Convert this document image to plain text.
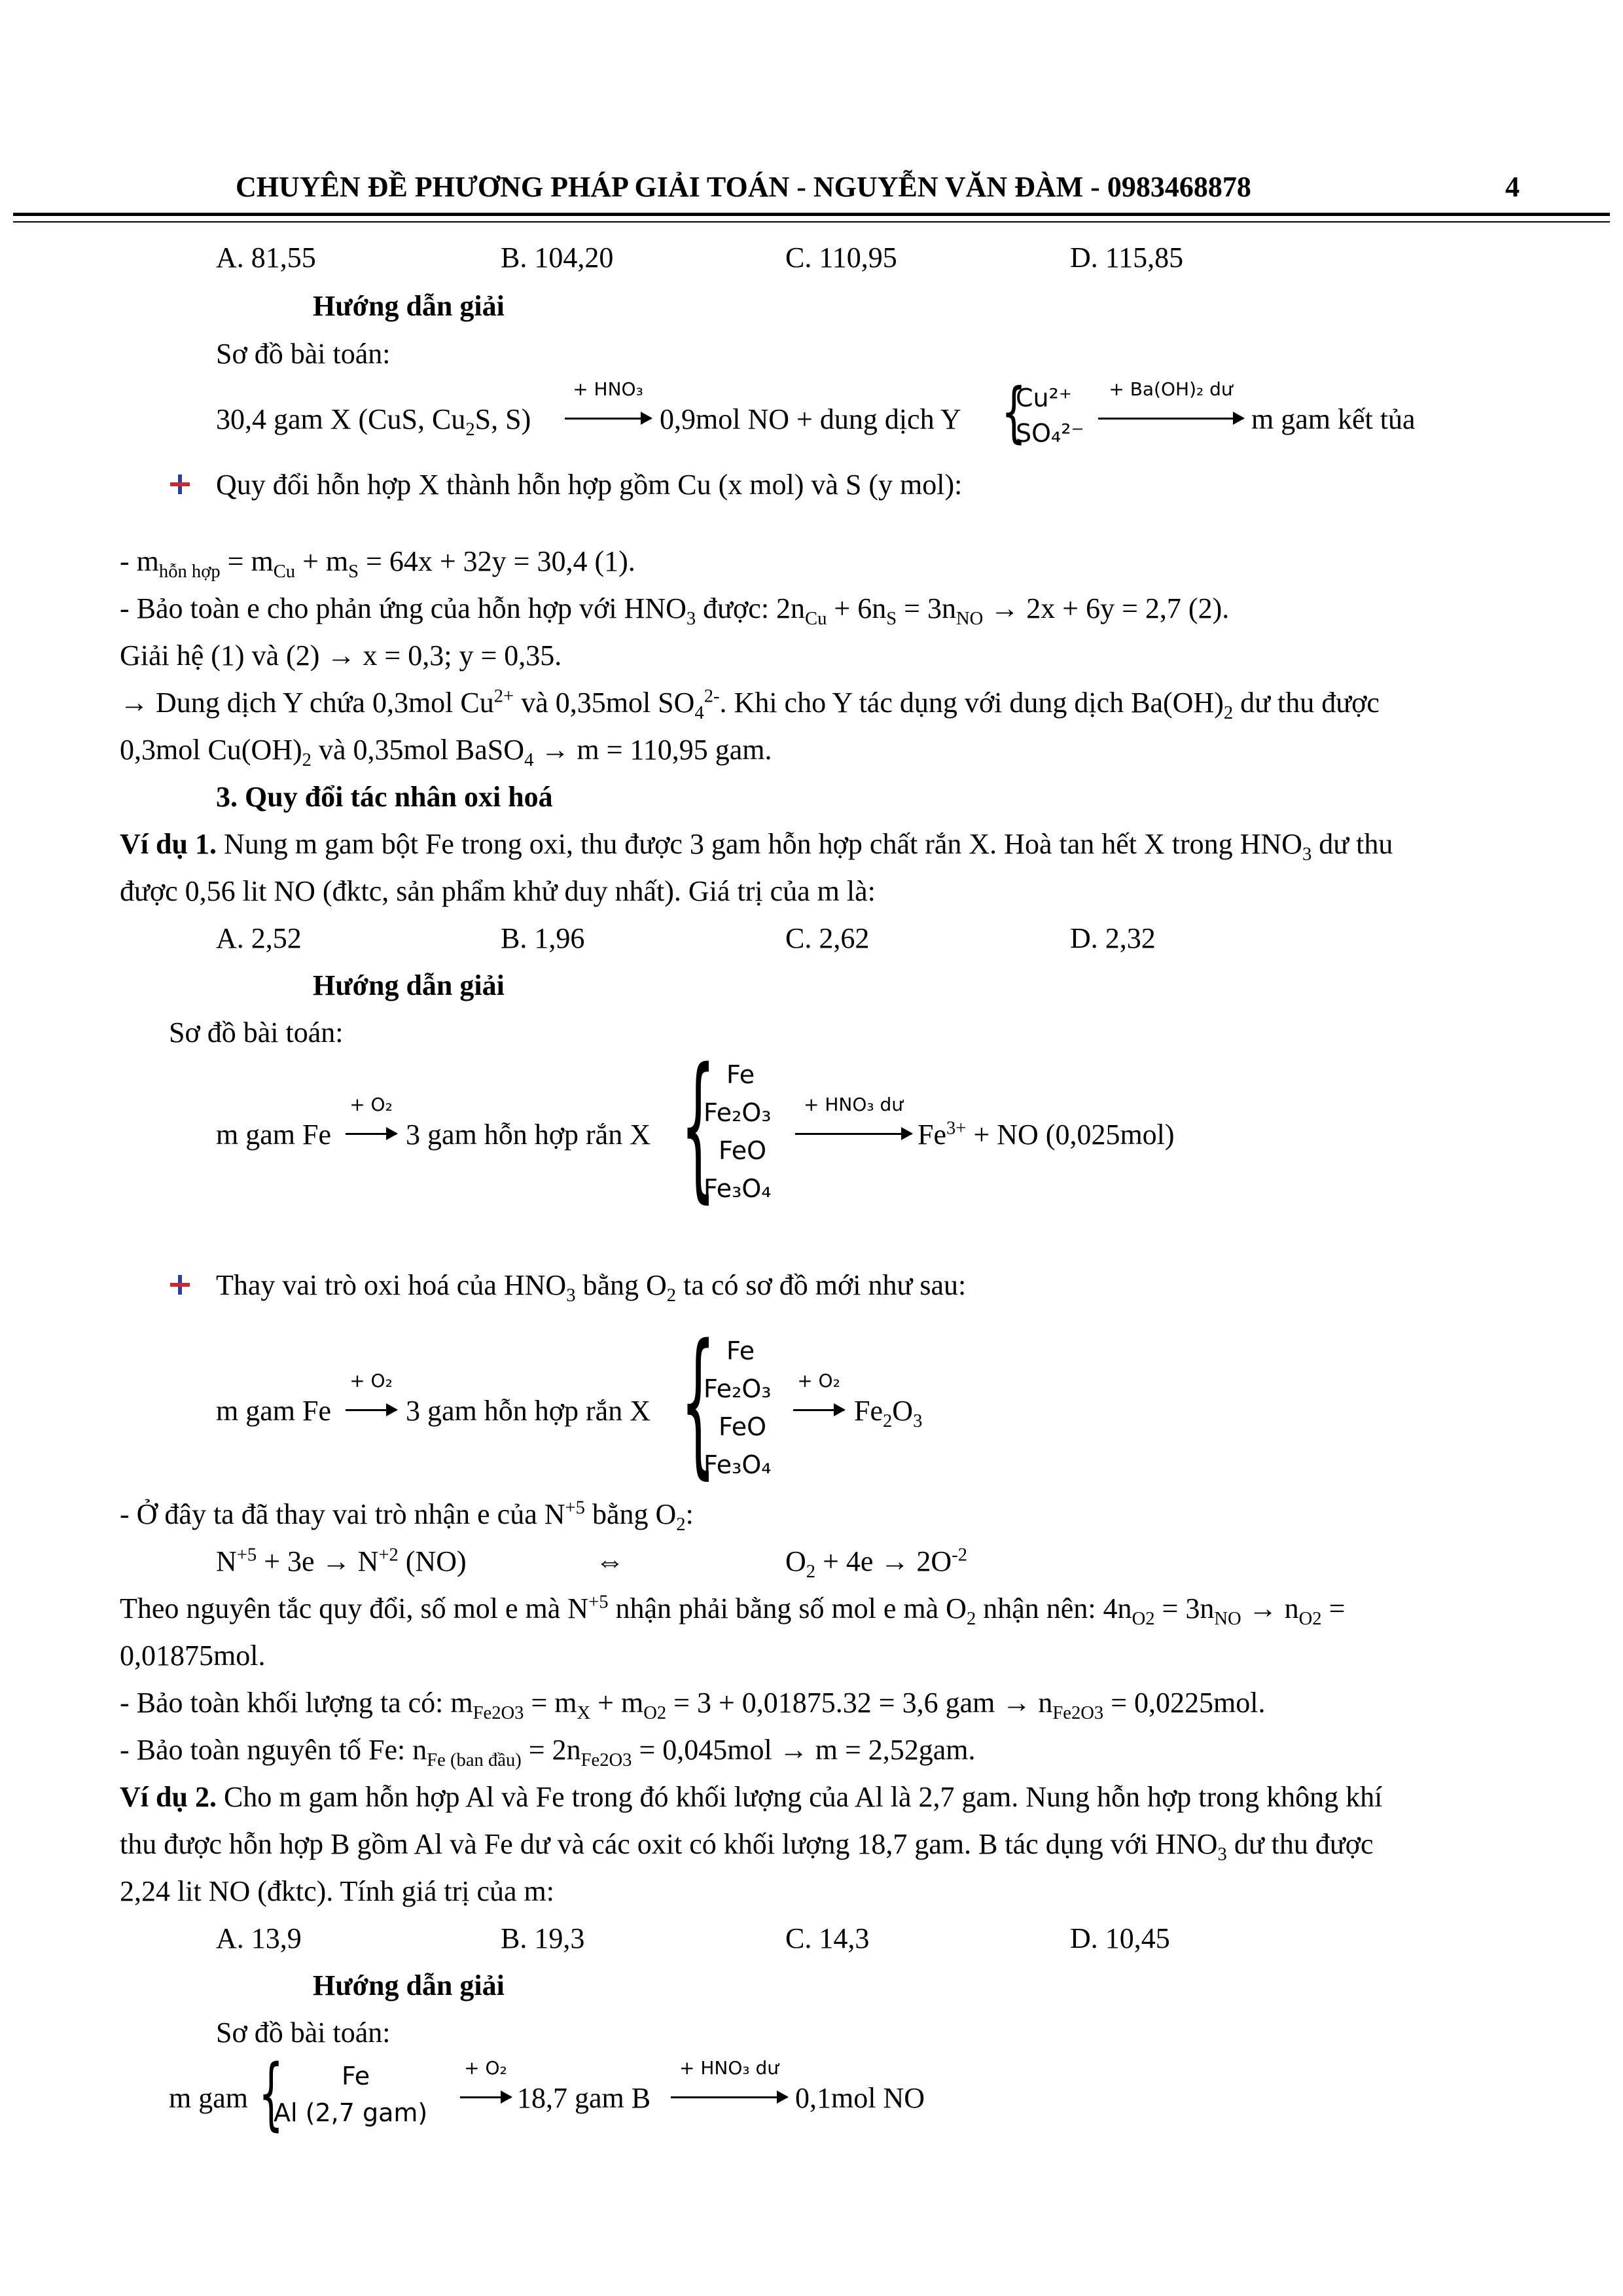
CHUYÊN ĐỀ PHƯƠNG PHÁP GIẢI TOÁN - NGUYỄN VĂN ĐÀM - 0983468878	4
A. 81,55	B. 104,20	C. 110,95	D. 115,85
Hướng dẫn giải
Sơ đồ bài toán:
30,4 gam X (CuS, $Cu_2S$, S)
+ HNO₃
0,9mol NO + dung dịch Y {
Cu²⁺
SO₄²⁻
+ Ba(OH)₂ dư
m gam kết tủa
Quy đổi hỗn hợp X thành hỗn hợp gồm Cu (x mol) và S (y mol):
- $m_{hỗn hợp} = m_{Cu} + m_S = 64x + 32y = 30,4$ (1).
- Bảo toàn e cho phản ứng của hỗn hợp với $HNO_3$ được: $2n_{Cu} + 6n_S = 3n_{NO} \to 2x + 6y = 2,7$ (2).
Giải hệ (1) và (2) → x = 0,3; y = 0,35.
→ Dung dịch Y chứa 0,3mol $Cu^{2+}$ và 0,35mol $SO_4^{2-}$. Khi cho Y tác dụng với dung dịch $Ba(OH)_2$ dư thu được
0,3mol $Cu(OH)_2$ và 0,35mol BaSO$_4$ → m = 110,95 gam.
3. Quy đổi tác nhân oxi hoá
Ví dụ 1. Nung m gam bột Fe trong oxi, thu được 3 gam hỗn hợp chất rắn X. Hoà tan hết X trong $HNO_3$ dư thu
được 0,56 lit NO (đktc, sản phẩm khử duy nhất). Giá trị của m là:
A. 2,52	B. 1,96	C. 2,62	D. 2,32
Hướng dẫn giải
Sơ đồ bài toán:
m gam Fe
+ O₂
3 gam hỗn hợp rắn X { Fe
Fe₂O₃
FeO
Fe₃O₄
+ HNO₃ dư
$Fe^{3+}$ + NO (0,025mol)
Thay vai trò oxi hoá của $HNO_3$ bằng $O_2$ ta có sơ đồ mới như sau:
m gam Fe
+ O₂
3 gam hỗn hợp rắn X { Fe
Fe₂O₃
FeO
Fe₃O₄
+ O₂
$Fe_2O_3$
- Ở đây ta đã thay vai trò nhận e của $N^{+5}$ bằng $O_2$:
$N^{+5} + 3e \to N^{+2}$ (NO)	⇔	$O_2 + 4e \to 2O^{-2}$
Theo nguyên tắc quy đổi, số mol e mà $N^{+5}$ nhận phải bằng số mol e mà $O_2$ nhận nên: $4n_{O2} = 3n_{NO} \to n_{O2}$ =
0,01875mol.
- Bảo toàn khối lượng ta có: $m_{Fe2O3} = m_X + m_{O2} = 3 + 0,01875.32 = 3,6$ gam → $n_{Fe2O3} = 0,0225mol$.
- Bảo toàn nguyên tố Fe: $n_{Fe (ban đầu)} = 2n_{Fe2O3} = 0,045mol \to m = 2,52gam$.
Ví dụ 2. Cho m gam hỗn hợp Al và Fe trong đó khối lượng của Al là 2,7 gam. Nung hỗn hợp trong không khí
thu được hỗn hợp B gồm Al và Fe dư và các oxit có khối lượng 18,7 gam. B tác dụng với $HNO_3$ dư thu được
2,24 lit NO (đktc). Tính giá trị của m:
A. 13,9	B. 19,3	C. 14,3	D. 10,45
Hướng dẫn giải
Sơ đồ bài toán:
m gam { Fe
Al (2,7 gam)
+ O₂
18,7 gam B
+ HNO₃ dư
0,1mol NO
